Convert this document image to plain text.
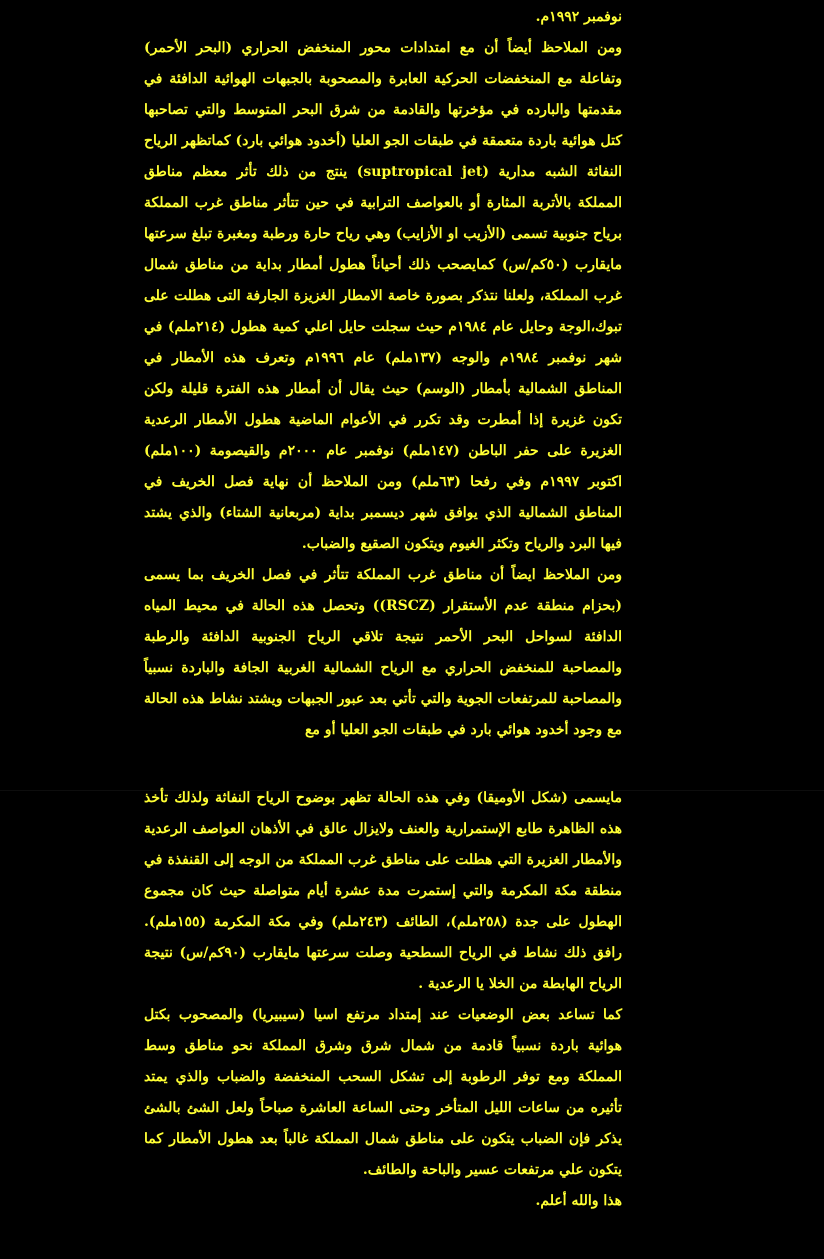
نوفمبر ١٩٩٢م.

ومن الملاحظ أيضاً أن مع امتدادات محور المنخفض الحراري (البحر الأحمر) وتفاعلة مع المنخفضات الحركية العابرة والمصحوبة بالجبهات الهوائية الدافئة في مقدمتها والبارده في مؤخرتها والقادمة من شرق البحر المتوسط والتي تصاحبها كتل هوائية باردة متعمقة في طبقات الجو العليا (أخدود هوائي بارد) كماتظهر الرياح النفاثة الشبه مدارية (suptropical jet) ينتج من ذلك تأثر معظم مناطق المملكة بالأتربة المثارة أو بالعواصف الترابية في حين تتأثر مناطق غرب المملكة برياح جنوبية تسمى (الأزيب او الأزايب) وهي رياح حارة ورطبة ومغبرة تبلغ سرعتها مايقارب (٥٠كم/س) كمايصحب ذلك أحياناً هطول أمطار بداية من مناطق شمال غرب المملكة، ولعلنا نتذكر بصورة خاصة الامطار الغزيزة الجارفة التى هطلت على تبوك،الوجة وحايل عام ١٩٨٤م حيث سجلت حايل اعلي كمية هطول (٢١٤ملم) في شهر نوفمبر ١٩٨٤م والوجه (١٣٧ملم) عام ١٩٩٦م وتعرف هذه الأمطار في المناطق الشمالية بأمطار (الوسم) حيث يقال أن أمطار هذه الفترة قليلة ولكن تكون غزيرة إذا أمطرت وقد تكرر في الأعوام الماضية هطول الأمطار الرعدية الغزيرة على حفر الباطن (١٤٧ملم) نوفمبر عام ٢٠٠٠م والقيصومة (١٠٠ملم) اكتوبر ١٩٩٧م وفي رفحا (٦٣ملم) ومن الملاحظ أن نهاية فصل الخريف في المناطق الشمالية الذي يوافق شهر ديسمبر بداية (مربعانية الشتاء) والذي يشتد فيها البرد والرياح وتكثر الغيوم ويتكون الصقيع والضباب.

ومن الملاحظ ايضاً أن مناطق غرب المملكة تتأثر في فصل الخريف بما يسمى (بحزام منطقة عدم الأستقرار (RSCZ)) وتحصل هذه الحالة في محيط المياه الدافئة لسواحل البحر الأحمر نتيجة تلاقي الرياح الجنوبية الدافئة والرطبة والمصاحبة للمنخفض الحراري مع الرياح الشمالية الغربية الجافة والباردة نسبياً والمصاحبة للمرتفعات الجوية والتي تأتي بعد عبور الجبهات ويشتد نشاط هذه الحالة مع وجود أخدود هوائي بارد في طبقات الجو العليا أو مع

مايسمى (شكل الأوميقا) وفي هذه الحالة تظهر بوضوح الرياح النفاثة ولذلك تأخذ هذه الظاهرة طابع الإستمرارية والعنف ولايزال عالق في الأذهان العواصف الرعدية والأمطار الغزيرة التي هطلت على مناطق غرب المملكة من الوجه إلى القنفذة في منطقة مكة المكرمة والتي إستمرت مدة عشرة أيام متواصلة حيث كان مجموع الهطول على جدة (٢٥٨ملم)، الطائف (٢٤٣ملم) وفي مكة المكرمة (١٥٥ملم). رافق ذلك نشاط في الرياح السطحية وصلت سرعتها مايقارب (٩٠كم/س) نتيجة الرياح الهابطة من الخلا يا الرعدية .

كما تساعد بعض الوضعيات عند إمتداد مرتفع اسيا (سيبيريا) والمصحوب بكتل هوائية باردة نسبياً قادمة من شمال شرق وشرق المملكة نحو مناطق وسط المملكة ومع توفر الرطوبة إلى تشكل السحب المنخفضة والضباب والذي يمتد تأثيره من ساعات الليل المتأخر وحتى الساعة العاشرة صباحاً ولعل الشئ بالشئ يذكر فإن الضباب يتكون على مناطق شمال المملكة غالباً بعد هطول الأمطار كما يتكون علي مرتفعات عسير والباحة والطائف.

هذا والله أعلم.
